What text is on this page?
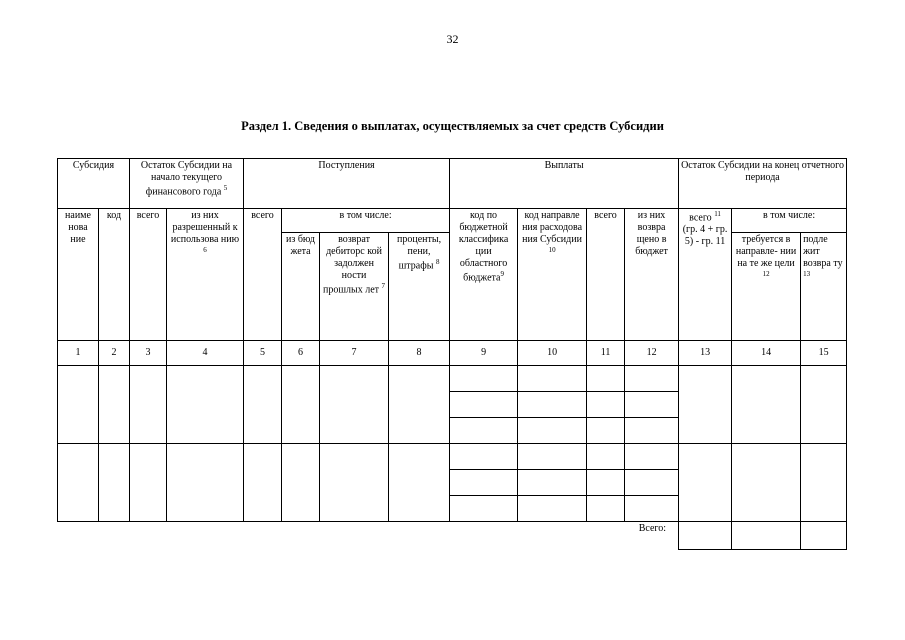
32
Раздел 1. Сведения о выплатах, осуществляемых за счет средств Субсидии
Субсидия		Остаток Субсидии на начало текущего финансового года $^5$		Поступления				Выплаты				Остаток Субсидии на конец отчетного периода		
наиме нова ние	код	всего	из них разрешенный к использова нию $^6$	всего	в том числе:			код по бюджетной классифика ции областного бюджета$^9$	код направле ния расходова ния Субсидии $^{10}$	всего	из них возвра щено в бюджет	всего $^{11}$ (гр. 4 + гр. 5) - гр. 11	в том числе:	
					из бюд жета	возврат дебиторс кой задолжен ности прошлых лет $^7$	проценты, пени, штрафы $^8$						требуется в направле- нии на те же цели $^{12}$	подле жит возвра ту $^{13}$
1	2	3	4	5	6	7	8	9	10	11	12	13	14	15

Всего:														
